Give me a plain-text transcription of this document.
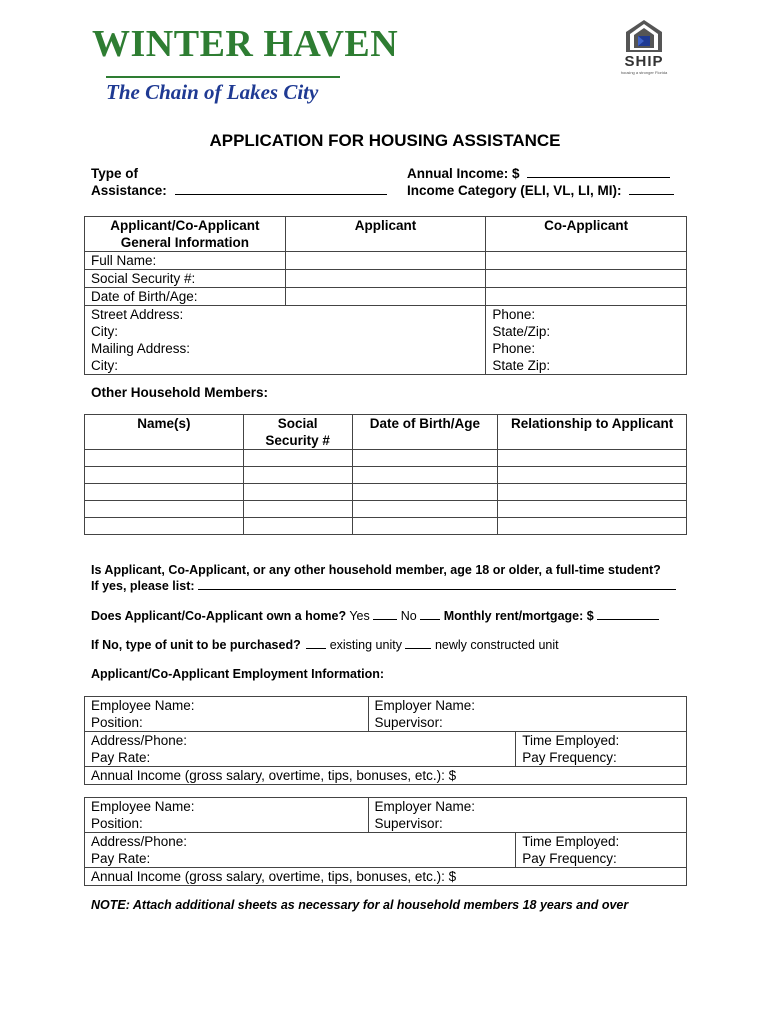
WINTER HAVEN
The Chain of Lakes City
SHIP
housing a stronger Florida
APPLICATION FOR HOUSING ASSISTANCE
Type of
Assistance:
Annual Income: $
Income Category (ELI, VL, LI, MI):
Applicant/Co-Applicant General Information	Applicant	Co-Applicant
Full Name:		
Social Security #:		
Date of Birth/Age:		
Street Address:		Phone:
City:		State/Zip:
Mailing Address:		Phone:
City:		State Zip:
Other Household Members:
Name(s)	Social Security #	Date of Birth/Age	Relationship to Applicant

Is Applicant, Co-Applicant, or any other household member, age 18 or older, a full-time student?
If yes, please list:
Does Applicant/Co-Applicant own a home? Yes No Monthly rent/mortgage: $
If No, type of unit to be purchased? existing unity	newly constructed unit
Applicant/Co-Applicant Employment Information:
Employee Name:	Employer Name:	
Position:	Supervisor:	
Address/Phone:		Time Employed:
Pay Rate:		Pay Frequency:
Annual Income (gross salary, overtime, tips, bonuses, etc.): $		
Employee Name:	Employer Name:	
Position:	Supervisor:	
Address/Phone:		Time Employed:
Pay Rate:		Pay Frequency:
Annual Income (gross salary, overtime, tips, bonuses, etc.): $		
NOTE: Attach additional sheets as necessary for al household members 18 years and over
